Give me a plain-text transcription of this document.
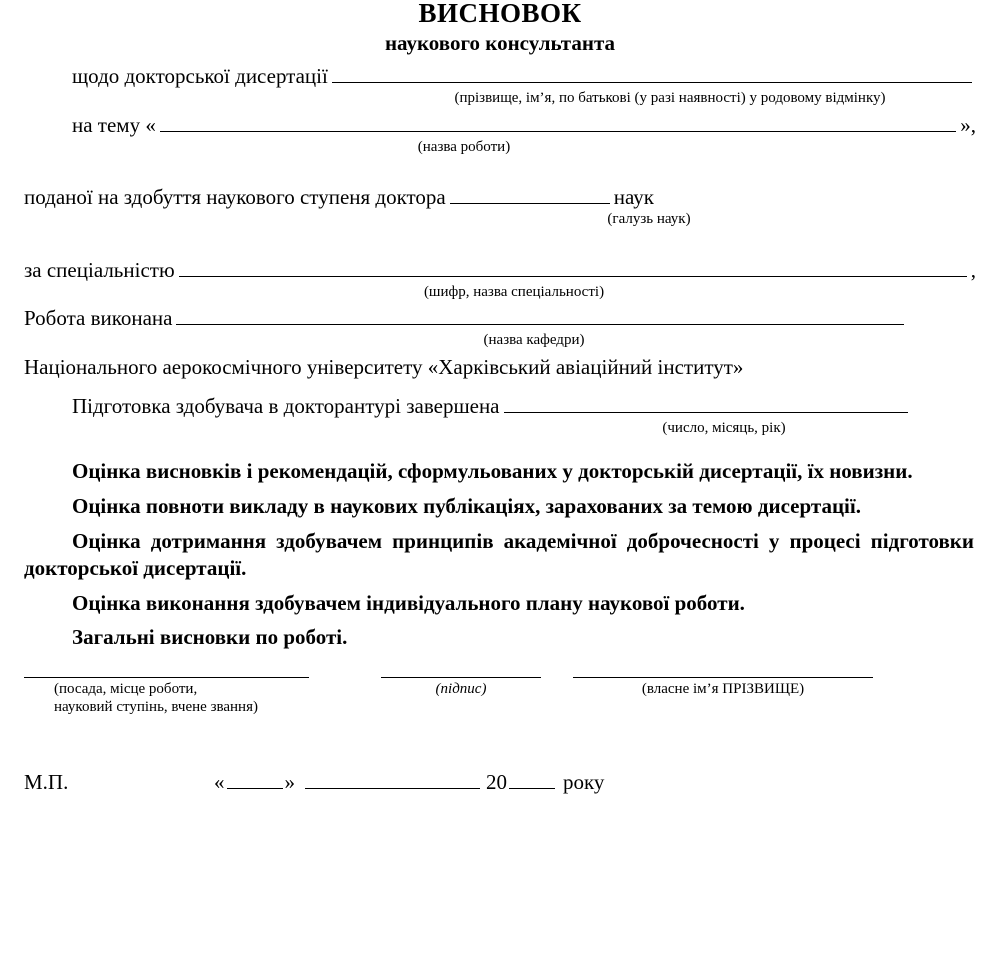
ВИСНОВОК
наукового консультанта
щодо докторської дисертації
(прізвище, ім’я, по батькові (у разі наявності) у родовому відмінку)
на тему «	»,
(назва роботи)
поданої на здобуття наукового ступеня доктора	наук
(галузь наук)
за спеціальністю	,
(шифр, назва спеціальності)
Робота виконана
(назва кафедри)
Національного аерокосмічного університету «Харківський авіаційний інститут»
Підготовка здобувача в докторантурі завершена
(число, місяць, рік)

Оцінка висновків і рекомендацій, сформульованих у докторській дисертації, їх новизни.

Оцінка повноти викладу в наукових публікаціях, зарахованих за темою дисертації.

Оцінка дотримання здобувачем принципів академічної доброчесності у процесі підготовки докторської дисертації.

Оцінка виконання здобувачем індивідуального плану наукової роботи.

Загальні висновки по роботі.

(посада, місце роботи,
науковий ступінь, вчене звання)
(підпис)	(власне ім’я ПРІЗВИЩЕ)
М.П.	«	»	20	року
